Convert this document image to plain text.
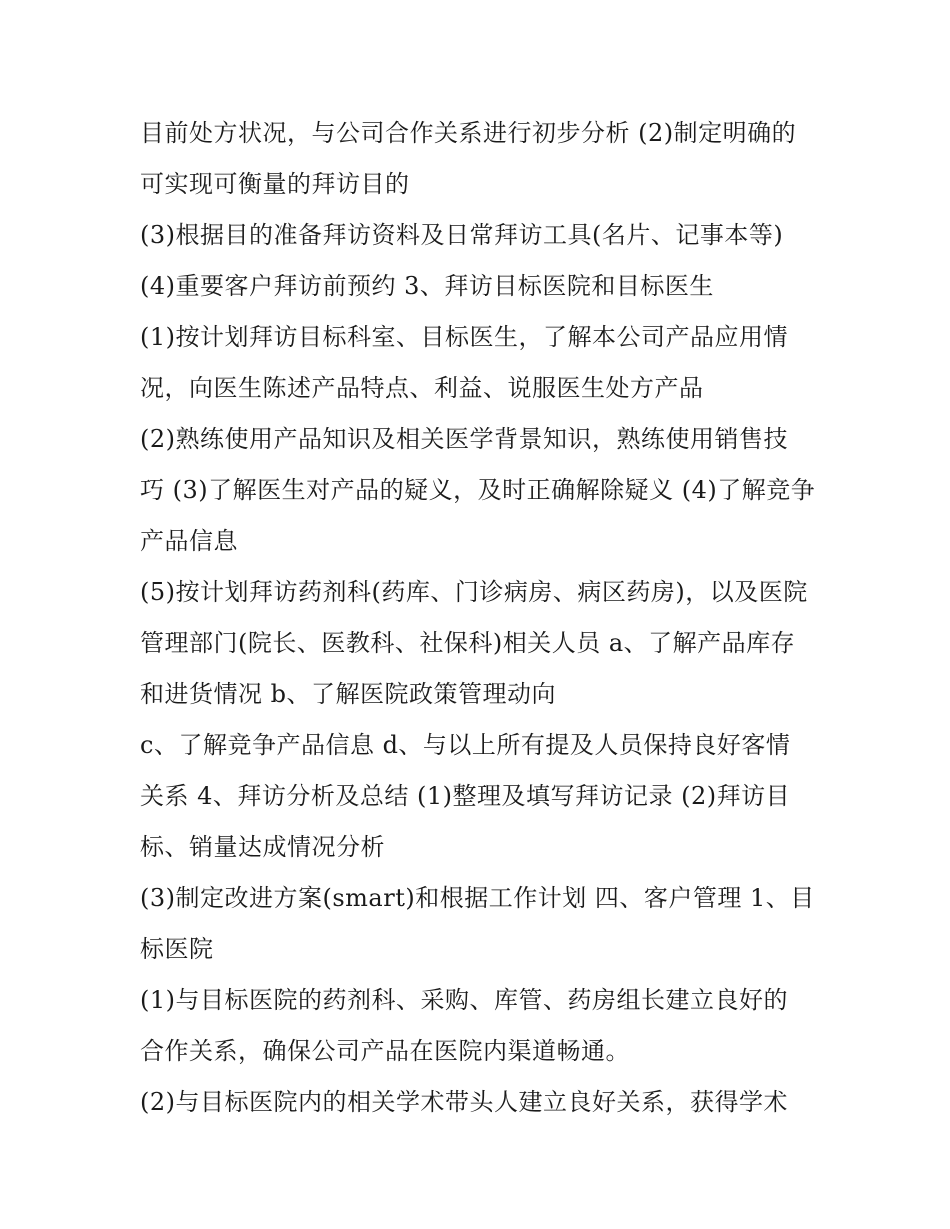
目前处方状况，与公司合作关系进行初步分析 (2)制定明确的
可实现可衡量的拜访目的
(3)根据目的准备拜访资料及日常拜访工具(名片、记事本等)
(4)重要客户拜访前预约 3、拜访目标医院和目标医生
(1)按计划拜访目标科室、目标医生，了解本公司产品应用情
况，向医生陈述产品特点、利益、说服医生处方产品
(2)熟练使用产品知识及相关医学背景知识，熟练使用销售技
巧 (3)了解医生对产品的疑义，及时正确解除疑义 (4)了解竞争
产品信息
(5)按计划拜访药剂科(药库、门诊病房、病区药房)，以及医院
管理部门(院长、医教科、社保科)相关人员 a、了解产品库存
和进货情况 b、了解医院政策管理动向
c、了解竞争产品信息 d、与以上所有提及人员保持良好客情
关系 4、拜访分析及总结 (1)整理及填写拜访记录 (2)拜访目
标、销量达成情况分析
(3)制定改进方案(smart)和根据工作计划 四、客户管理 1、目
标医院
(1)与目标医院的药剂科、采购、库管、药房组长建立良好的
合作关系，确保公司产品在医院内渠道畅通。
(2)与目标医院内的相关学术带头人建立良好关系，获得学术
